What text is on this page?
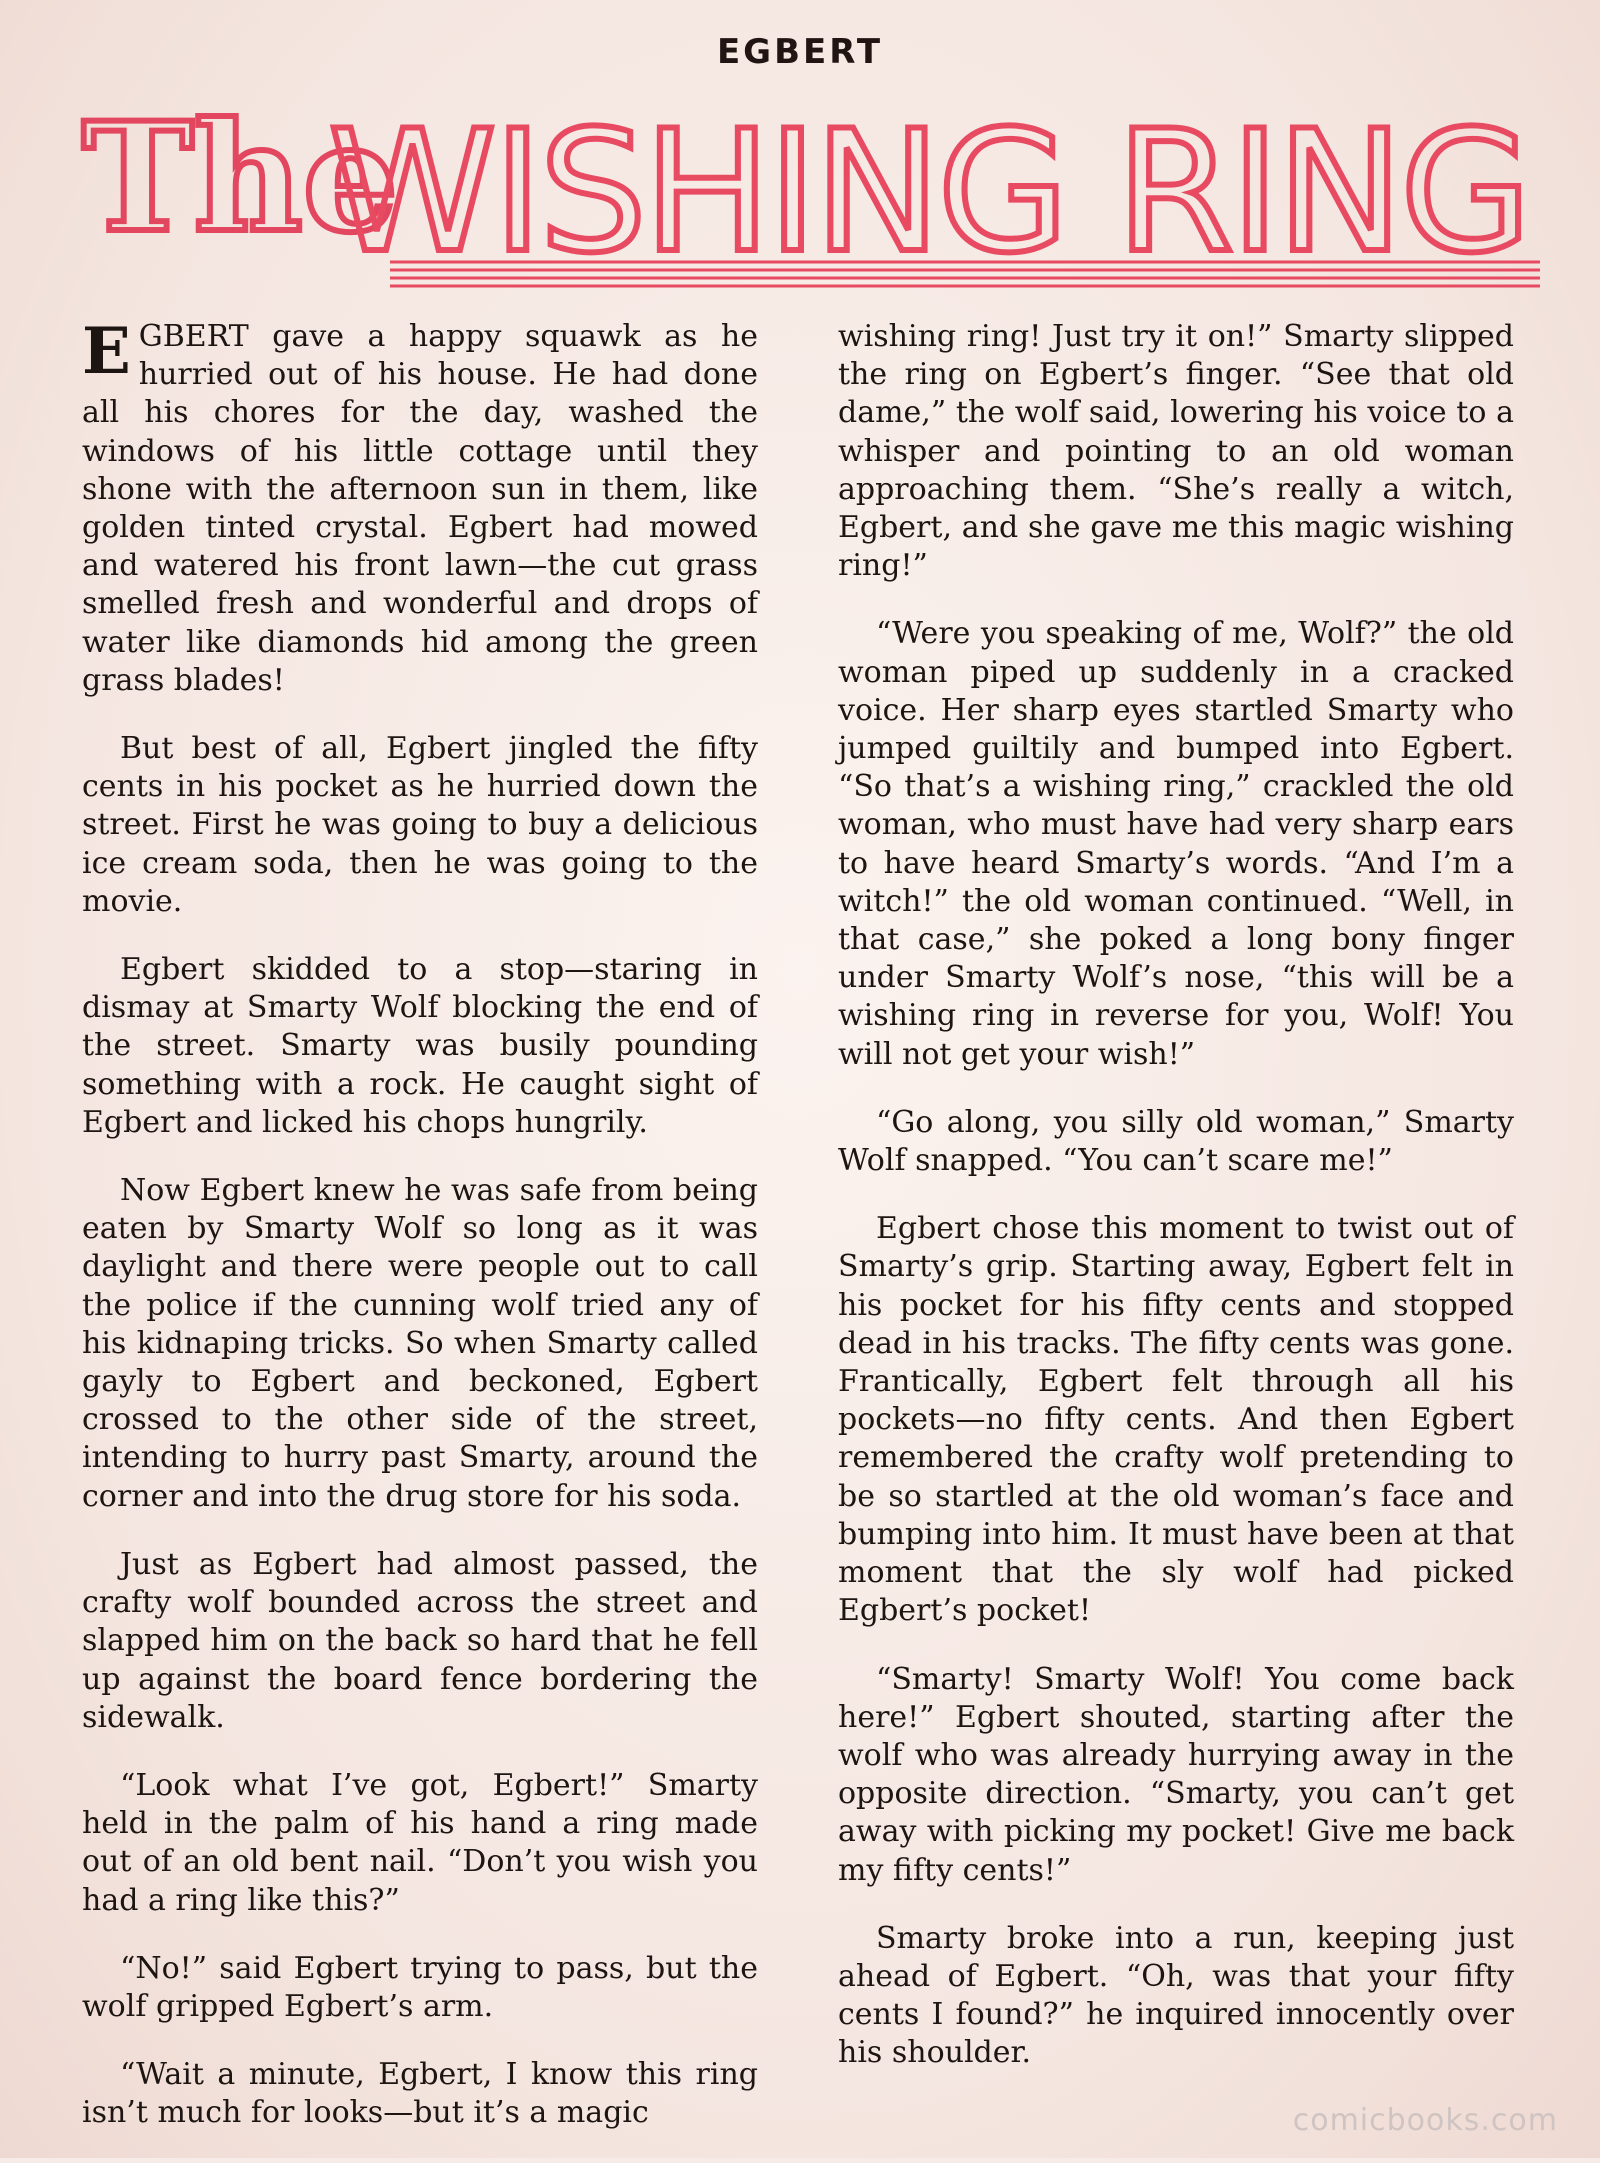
EGBERT
The
WISHING RING

EGBERT gave a happy squawk as he hurried out of his house. He had done all his chores for the day, washed the windows of his little cottage until they shone with the afternoon sun in them, like golden tinted crystal. Egbert had mowed and watered his front lawn—the cut grass smelled fresh and wonderful and drops of water like diamonds hid among the green grass blades!

But best of all, Egbert jingled the fifty cents in his pocket as he hurried down the street. First he was going to buy a delicious ice cream soda, then he was going to the movie.

Egbert skidded to a stop—staring in dismay at Smarty Wolf blocking the end of the street. Smarty was busily pounding something with a rock. He caught sight of Egbert and licked his chops hungrily.

Now Egbert knew he was safe from being eaten by Smarty Wolf so long as it was daylight and there were people out to call the police if the cunning wolf tried any of his kidnaping tricks. So when Smarty called gayly to Egbert and beckoned, Egbert crossed to the other side of the street, intending to hurry past Smarty, around the corner and into the drug store for his soda.

Just as Egbert had almost passed, the crafty wolf bounded across the street and slapped him on the back so hard that he fell up against the board fence bordering the sidewalk.

“Look what I’ve got, Egbert!” Smarty held in the palm of his hand a ring made out of an old bent nail. “Don’t you wish you had a ring like this?”

“No!” said Egbert trying to pass, but the wolf gripped Egbert’s arm.

“Wait a minute, Egbert, I know this ring isn’t much for looks—but it’s a magic

wishing ring! Just try it on!” Smarty slipped the ring on Egbert’s finger. “See that old dame,” the wolf said, lowering his voice to a whisper and pointing to an old woman approaching them. “She’s really a witch, Egbert, and she gave me this magic wishing ring!”

“Were you speaking of me, Wolf?” the old woman piped up suddenly in a cracked voice. Her sharp eyes startled Smarty who jumped guiltily and bumped into Egbert. “So that’s a wishing ring,” crackled the old woman, who must have had very sharp ears to have heard Smarty’s words. “And I’m a witch!” the old woman continued. “Well, in that case,” she poked a long bony finger under Smarty Wolf’s nose, “this will be a wishing ring in reverse for you, Wolf! You will not get your wish!”

“Go along, you silly old woman,” Smarty Wolf snapped. “You can’t scare me!”

Egbert chose this moment to twist out of Smarty’s grip. Starting away, Egbert felt in his pocket for his fifty cents and stopped dead in his tracks. The fifty cents was gone. Frantically, Egbert felt through all his pockets—no fifty cents. And then Egbert remembered the crafty wolf pretending to be so startled at the old woman’s face and bumping into him. It must have been at that moment that the sly wolf had picked Egbert’s pocket!

“Smarty! Smarty Wolf! You come back here!” Egbert shouted, starting after the wolf who was already hurrying away in the opposite direction. “Smarty, you can’t get away with picking my pocket! Give me back my fifty cents!”

Smarty broke into a run, keeping just ahead of Egbert. “Oh, was that your fifty cents I found?” he inquired innocently over his shoulder.

comicbooks.com
